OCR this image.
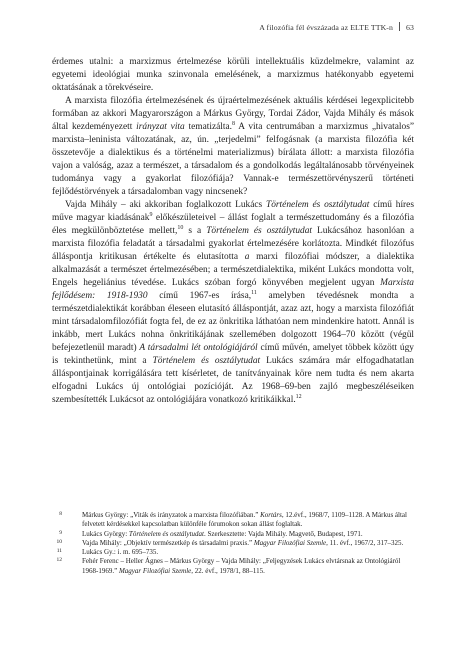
A filozófia fél évszázada az ELTE TTK-n 63

érdemes utalni: a marxizmus értelmezése körüli intellektuális küzdelmekre, valamint az egyetemi ideológiai munka szinvonala emelésének, a marxizmus hatékonyabb egyetemi oktatásának a törekvéseire.

A marxista filozófia értelmezésének és újraértelmezésének aktuális kérdései legexplicitebb formában az akkori Magyarországon a Márkus György, Tordai Zádor, Vajda Mihály és mások által kezdeményezett irányzat vita tematizálta.$^8$ A vita centrumában a marxizmus „hivatalos” marxista–leninista változatának, az, ún. „terjedelmi” felfogásnak (a marxista filozófia két összetevője a dialektikus és a történelmi materializmus) bírálata állott: a marxista filozófia vajon a valóság, azaz a természet, a társadalom és a gondolkodás legáltalánosabb törvényeinek tudománya vagy a gyakorlat filozófiája? Vannak-e természettörvényszerű történeti fejlődéstörvények a társadalomban vagy nincsenek?

Vajda Mihály – aki akkoriban foglalkozott Lukács Történelem és osztálytudat című híres műve magyar kiadásának$^9$ előkészületeivel – állást foglalt a természettudomány és a filozófia éles megkülönböztetése mellett,$^{10}$ s a Történelem és osztálytudat Lukácsához hasonlóan a marxista filozófia feladatát a társadalmi gyakorlat értelmezésére korlátozta. Mindkét filozófus álláspontja kritikusan értékelte és elutasította a marxi filozófiai módszer, a dialektika alkalmazását a természet értelmezésében; a természetdialektika, miként Lukács mondotta volt, Engels hegeliánius tévedése. Lukács szóban forgó könyvében megjelent ugyan Marxista fejlődésem: 1918-1930 című 1967-es írása,$^{11}$ amelyben tévedésnek mondta a természetdialektikát korábban éleseen elutasító álláspontját, azaz azt, hogy a marxista filozófiát mint társadalomfilozófiát fogta fel, de ez az önkritika láthatóan nem mindenkire hatott. Annál is inkább, mert Lukács nohna önkritikájának szellemében dolgozott 1964–70 között (végül befejezetlenül maradt) A társadalmi lét ontológiájáról című művén, amelyet többek között úgy is tekinthetünk, mint a Történelem és osztálytudat Lukács számára már elfogadhatatlan álláspontjainak korrigálására tett kísérletet, de tanítványainak köre nem tudta és nem akarta elfogadni Lukács új ontológiai pozícióját. Az 1968–69-ben zajló megbeszéléseiken szembesítették Lukácsot az ontológiájára vonatkozó kritikáikkal.$^{12}$

8	Márkus György: „Viták és irányzatok a marxista filozófiában.” Kortárs, 12.évf., 1968/7, 1109–1128. A Márkus által felvetett kérdésekkel kapcsolatban különféle fórumokon sokan állást foglaltak.

9	Lukács György: Történelem és osztálytudat. Szerkesztette: Vajda Mihály. Magvető, Budapest, 1971.

10	Vajda Mihály: „Objektív természetkép és társadalmi praxis.” Magyar Filozófiai Szemle, 11. évf., 1967/2, 317–325.

11	Lukács Gy.: i. m. 695–735.

12	Fehér Ferenc – Heller Ágnes – Márkus György – Vajda Mihály: „Feljegyzések Lukács elvtársnak az Ontológiáról 1968-1969.” Magyar Filozófiai Szemle, 22. évf., 1978/1, 88–115.
